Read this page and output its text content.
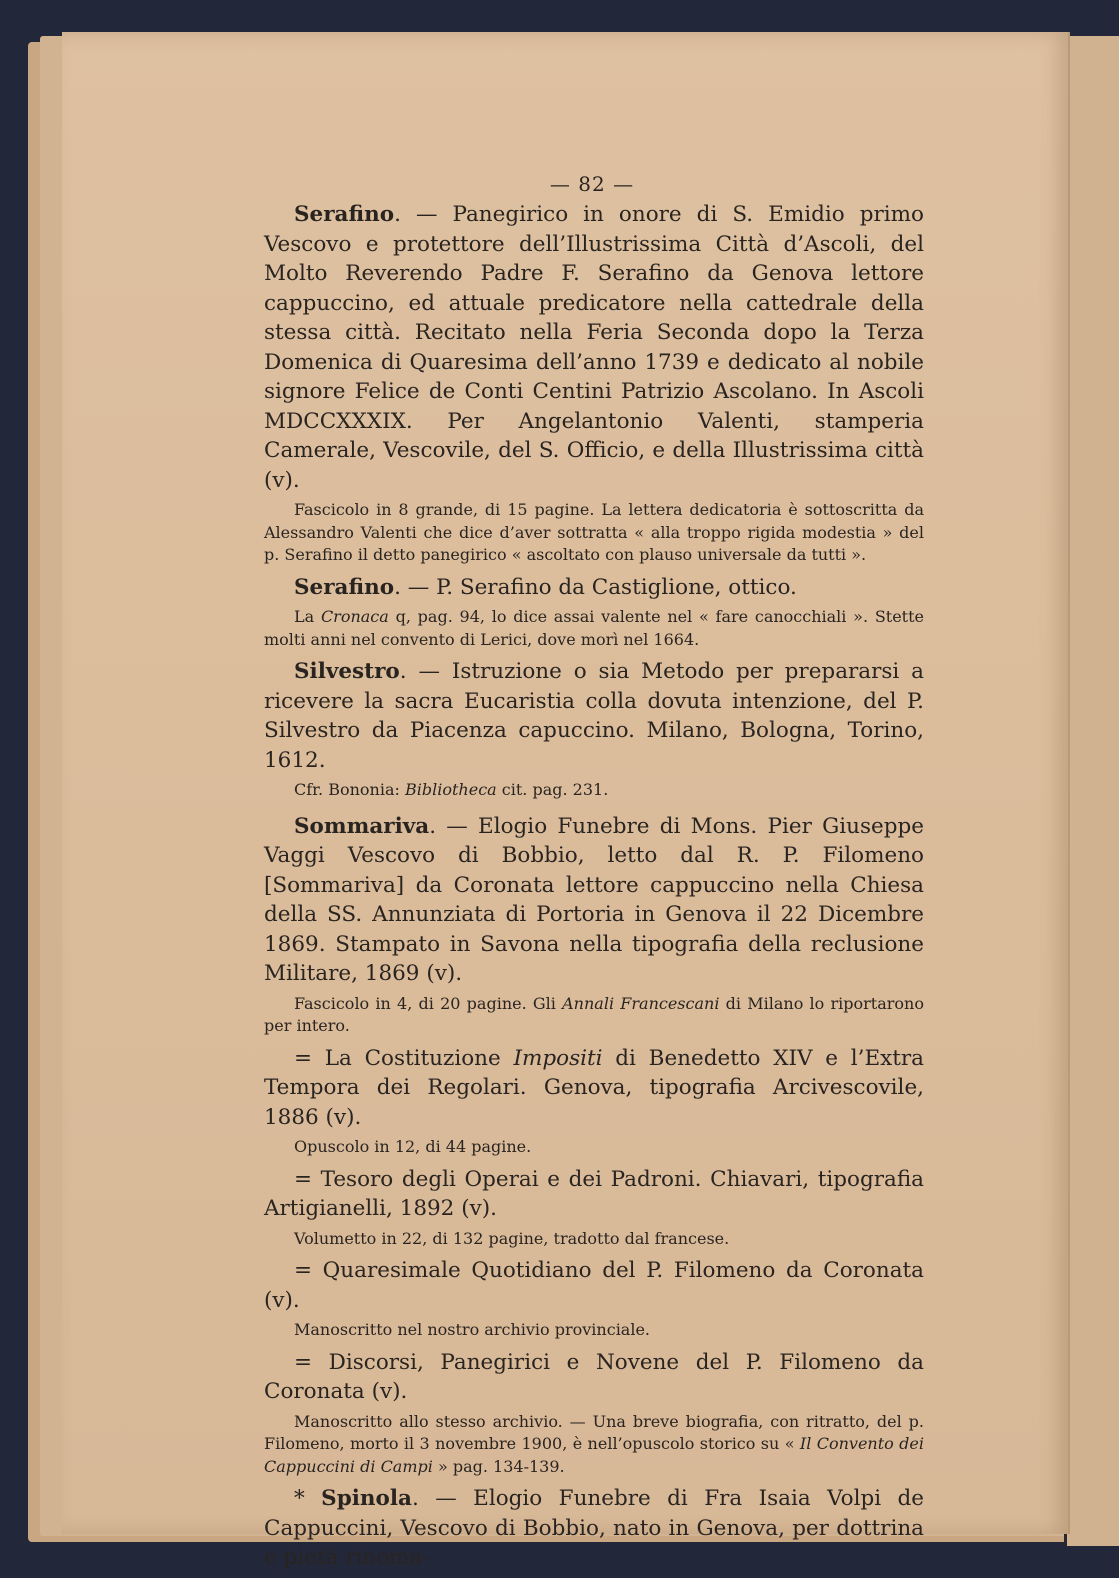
— 82 —

Serafino. — Panegirico in onore di S. Emidio primo Vescovo e protettore dell’Illustrissima Città d’Ascoli, del Molto Reverendo Padre F. Serafino da Genova lettore cappuccino, ed attuale predicatore nella cattedrale della stessa città. Recitato nella Feria Seconda dopo la Terza Domenica di Quaresima dell’anno 1739 e dedicato al nobile signore Felice de Conti Centini Patrizio Ascolano. In Ascoli MDCCXXXIX. Per Angelantonio Valenti, stamperia Camerale, Vescovile, del S. Officio, e della Illustrissima città (v).

Fascicolo in 8 grande, di 15 pagine. La lettera dedicatoria è sottoscritta da Alessandro Valenti che dice d’aver sottratta « alla troppo rigida modestia » del p. Serafino il detto panegirico « ascoltato con plauso universale da tutti ».

Serafino. — P. Serafino da Castiglione, ottico.

La Cronaca q, pag. 94, lo dice assai valente nel « fare canocchiali ». Stette molti anni nel convento di Lerici, dove morì nel 1664.

Silvestro. — Istruzione o sia Metodo per prepararsi a ricevere la sacra Eucaristia colla dovuta intenzione, del P. Silvestro da Piacenza capuccino. Milano, Bologna, Torino, 1612.

Cfr. Bononia: Bibliotheca cit. pag. 231.

Sommariva. — Elogio Funebre di Mons. Pier Giuseppe Vaggi Vescovo di Bobbio, letto dal R. P. Filomeno [Sommariva] da Coronata lettore cappuccino nella Chiesa della SS. Annunziata di Portoria in Genova il 22 Dicembre 1869. Stampato in Savona nella tipografia della reclusione Militare, 1869 (v).

Fascicolo in 4, di 20 pagine. Gli Annali Francescani di Milano lo riportarono per intero.

= La Costituzione Impositi di Benedetto XIV e l’Extra Tempora dei Regolari. Genova, tipografia Arcivescovile, 1886 (v).

Opuscolo in 12, di 44 pagine.

= Tesoro degli Operai e dei Padroni. Chiavari, tipografia Artigianelli, 1892 (v).

Volumetto in 22, di 132 pagine, tradotto dal francese.

= Quaresimale Quotidiano del P. Filomeno da Coronata (v).

Manoscritto nel nostro archivio provinciale.

= Discorsi, Panegirici e Novene del P. Filomeno da Coronata (v).

Manoscritto allo stesso archivio. — Una breve biografia, con ritratto, del p. Filomeno, morto il 3 novembre 1900, è nell’opuscolo storico su « Il Convento dei Cappuccini di Campi » pag. 134-139.

* Spinola. — Elogio Funebre di Fra Isaia Volpi de Cappuccini, Vescovo di Bobbio, nato in Genova, per dottrina e pietà rinoma-
